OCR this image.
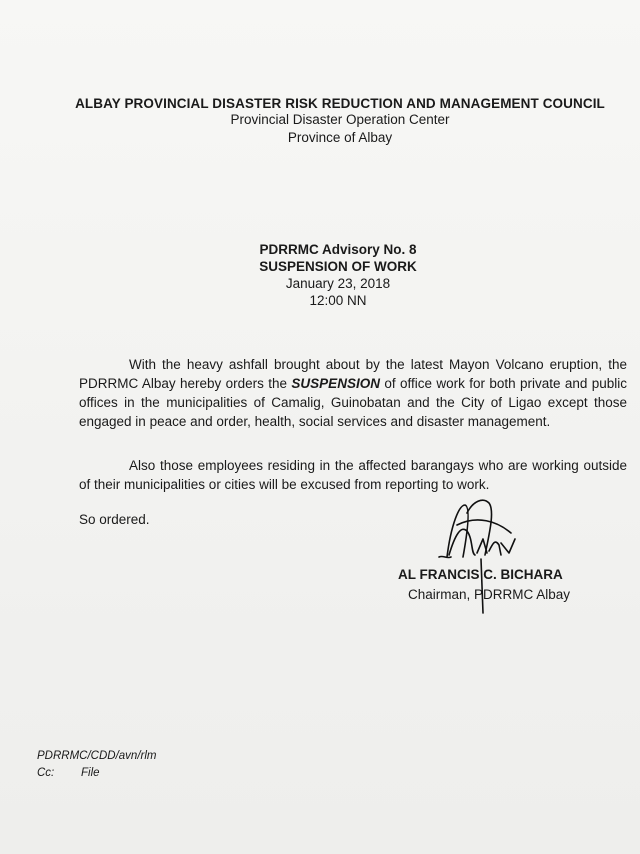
ALBAY PROVINCIAL DISASTER RISK REDUCTION AND MANAGEMENT COUNCIL
Provincial Disaster Operation Center
Province of Albay
PDRRMC Advisory No. 8
SUSPENSION OF WORK
January 23, 2018
12:00 NN
With the heavy ashfall brought about by the latest Mayon Volcano eruption, the PDRRMC Albay hereby orders the SUSPENSION of office work for both private and public offices in the municipalities of Camalig, Guinobatan and the City of Ligao except those engaged in peace and order, health, social services and disaster management.
Also those employees residing in the affected barangays who are working outside of their municipalities or cities will be excused from reporting to work.
So ordered.
AL FRANCIS C. BICHARA
Chairman, PDRRMC Albay
PDRRMC/CDD/avn/rlm
Cc: File
